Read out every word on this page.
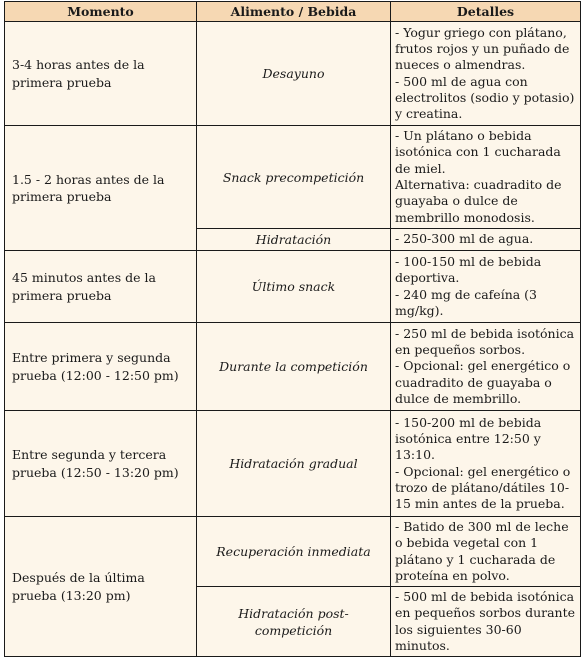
Momento	Alimento / Bebida	Detalles
3-4 horas antes de la primera prueba	Desayuno	- Yogur griego con plátano, frutos rojos y un puñado de nueces o almendras.
- 500 ml de agua con electrolitos (sodio y potasio) y creatina.

1.5 - 2 horas antes de la primera prueba	Snack precompetición	- Un plátano o bebida isotónica con 1 cucharada de miel.
Alternativa: cuadradito de guayaba o dulce de membrillo monodosis.

	Hidratación	- 250-300 ml de agua.

45 minutos antes de la primera prueba	Último snack	- 100-150 ml de bebida deportiva.
- 240 mg de cafeína (3 mg/kg).

Entre primera y segunda prueba (12:00 - 12:50 pm)	Durante la competición	- 250 ml de bebida isotónica en pequeños sorbos.
- Opcional: gel energético o cuadradito de guayaba o dulce de membrillo.

Entre segunda y tercera prueba (12:50 - 13:20 pm)	Hidratación gradual	- 150-200 ml de bebida isotónica entre 12:50 y 13:10.
- Opcional: gel energético o trozo de plátano/dátiles 10-15 min antes de la prueba.

Después de la última prueba (13:20 pm)	Recuperación inmediata	- Batido de 300 ml de leche o bebida vegetal con 1 plátano y 1 cucharada de proteína en polvo.

	Hidratación post-competición	- 500 ml de bebida isotónica en pequeños sorbos durante los siguientes 30-60 minutos.
